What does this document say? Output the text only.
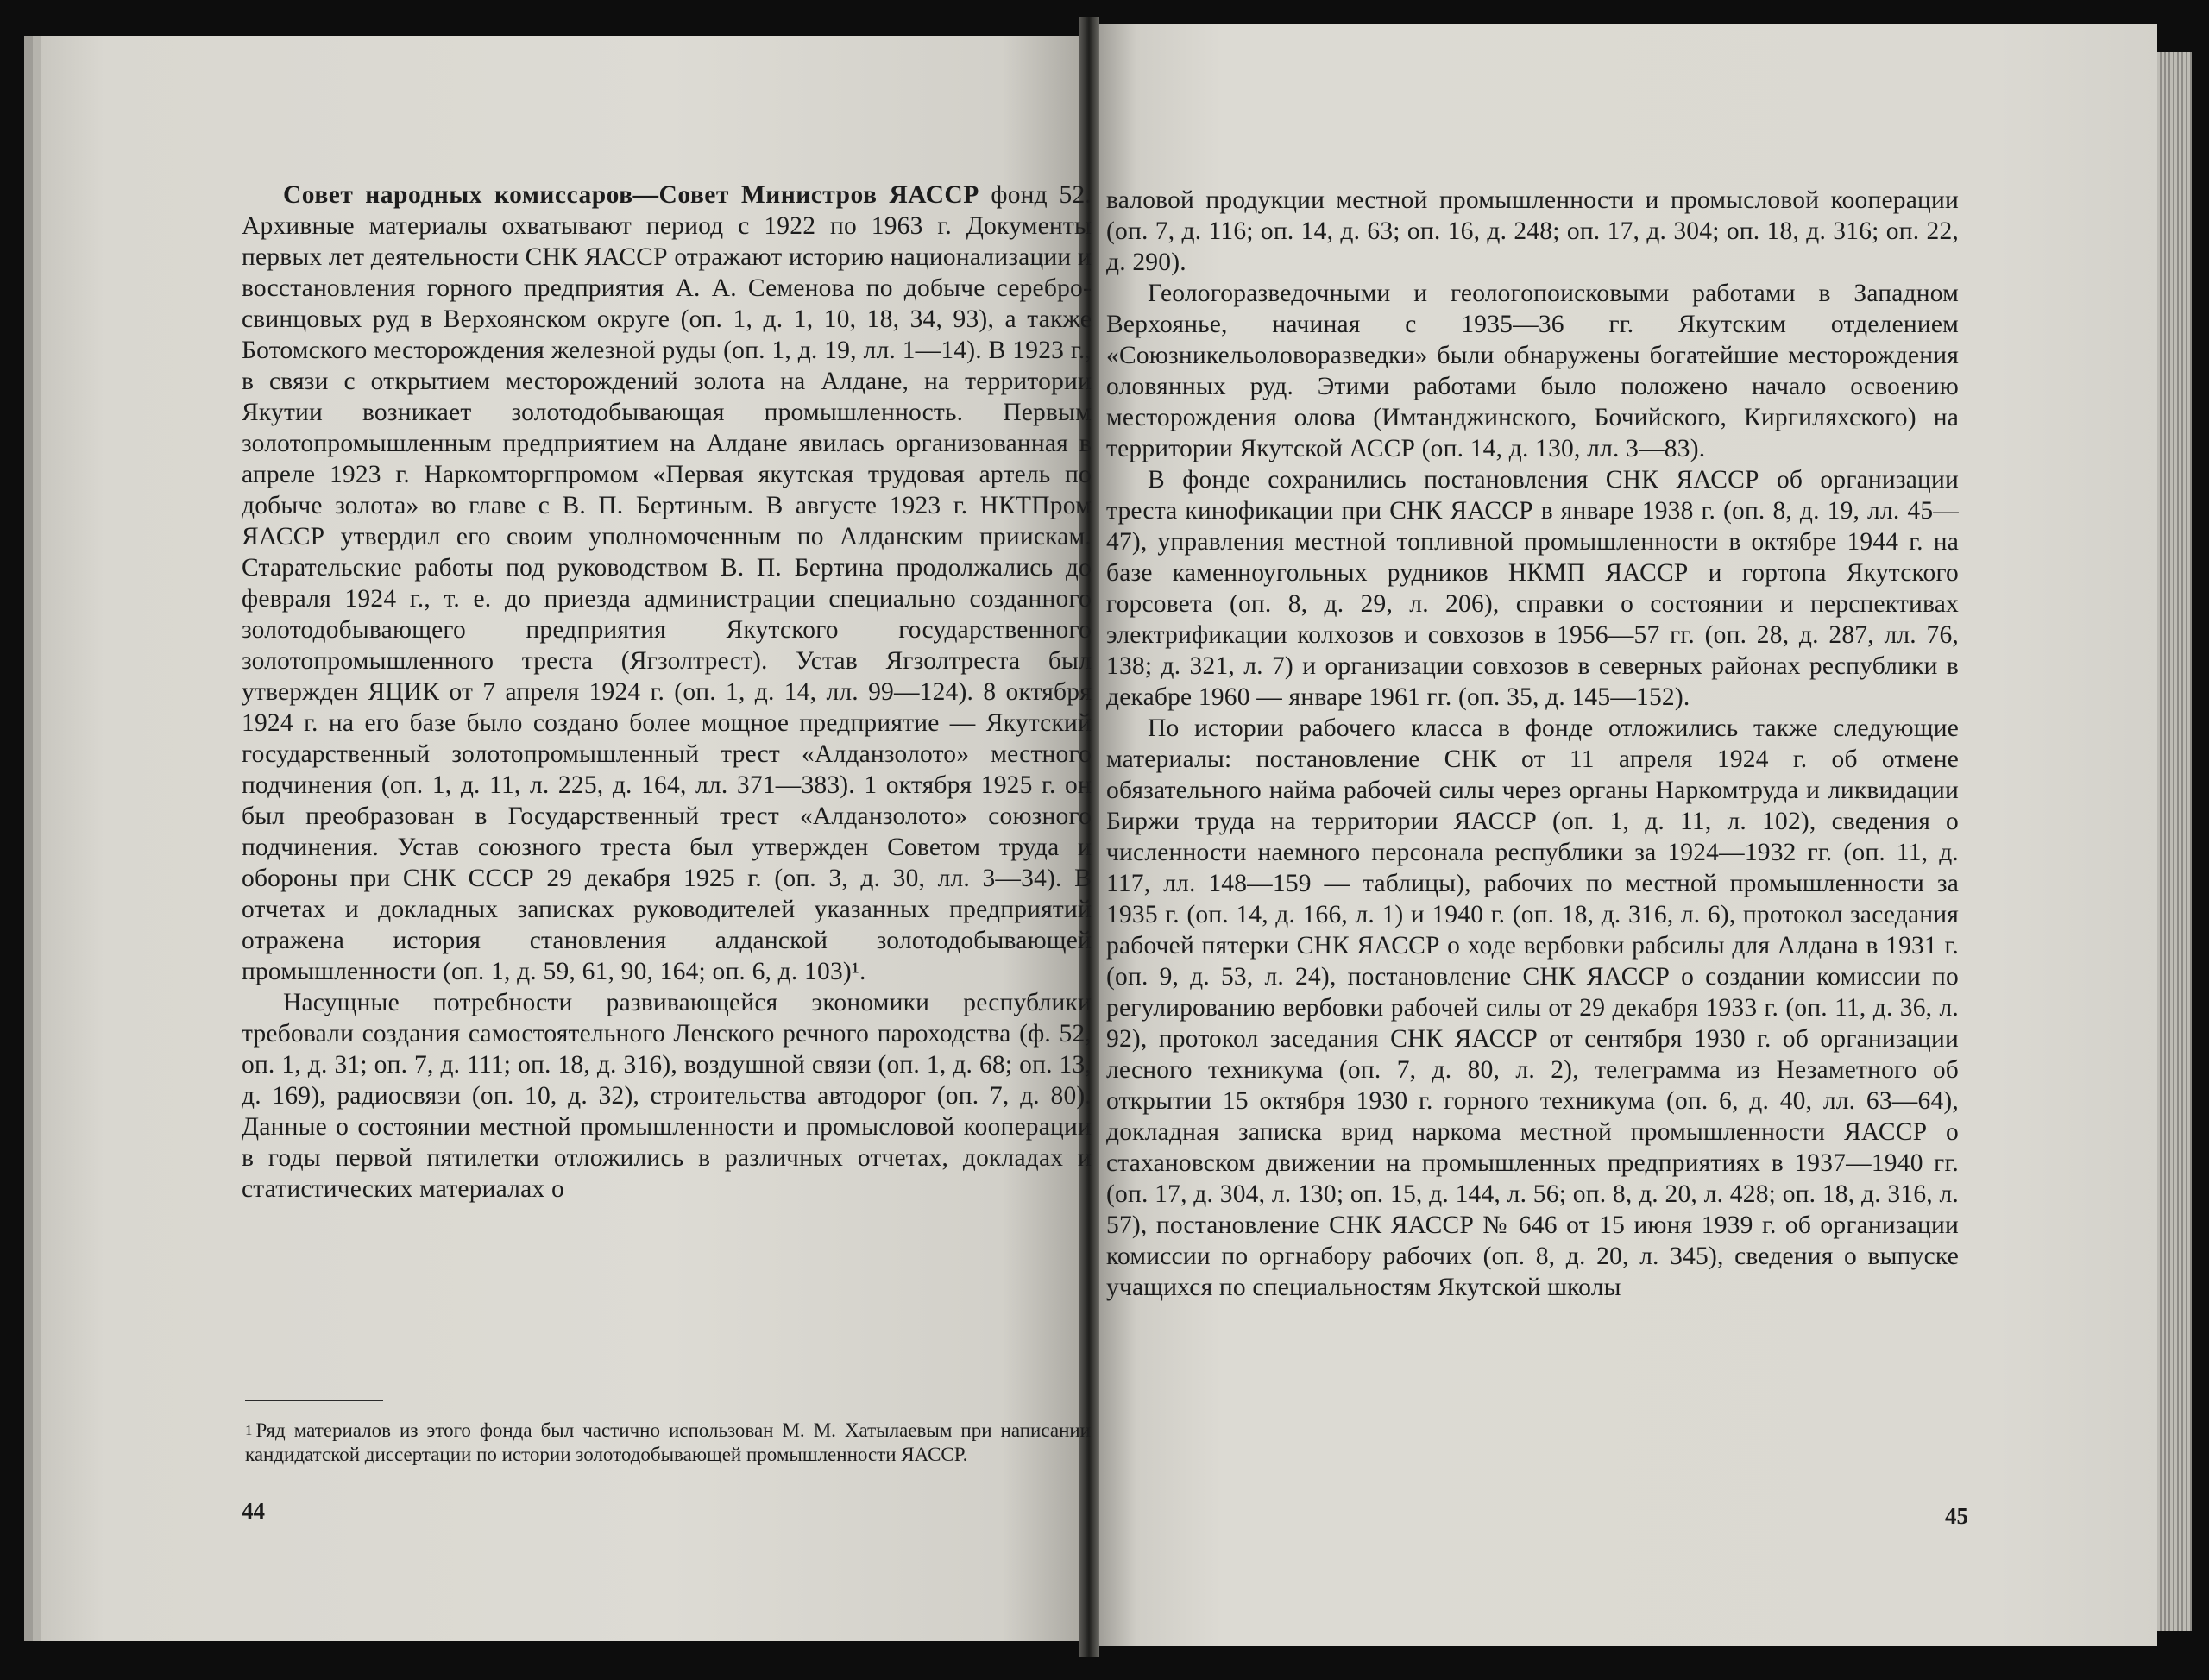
Совет народных комиссаров—Совет Министров ЯАССР фонд 52. Архивные материалы охватывают период с 1922 по 1963 г. Документы первых лет деятельности СНК ЯАССР отражают историю национализации и восстановления горного предприятия А. А. Семенова по добыче серебро-свинцовых руд в Верхоянском округе (оп. 1, д. 1, 10, 18, 34, 93), а также Ботомского месторождения железной руды (оп. 1, д. 19, лл. 1—14). В 1923 г., в связи с открытием месторождений золота на Алдане, на территории Якутии возникает золотодобывающая промышленность. Первым золотопромышленным предприятием на Алдане явилась организованная в апреле 1923 г. Наркомторгпромом «Первая якутская трудовая артель по добыче золота» во главе с В. П. Бертиным. В августе 1923 г. НКТПром ЯАССР утвердил его своим уполномоченным по Алданским приискам. Старательские работы под руководством В. П. Бертина продолжались до февраля 1924 г., т. е. до приезда администрации специально созданного золотодобывающего предприятия Якутского государственного золотопромышленного треста (Ягзолтрест). Устав Ягзолтреста был утвержден ЯЦИК от 7 апреля 1924 г. (оп. 1, д. 14, лл. 99—124). 8 октября 1924 г. на его базе было создано более мощное предприятие — Якутский государственный золотопромышленный трест «Алданзолото» местного подчинения (оп. 1, д. 11, л. 225, д. 164, лл. 371—383). 1 октября 1925 г. он был преобразован в Государственный трест «Алданзолото» союзного подчинения. Устав союзного треста был утвержден Советом труда и обороны при СНК СССР 29 декабря 1925 г. (оп. 3, д. 30, лл. 3—34). В отчетах и докладных записках руководителей указанных предприятий отражена история становления алданской золотодобывающей промышленности (оп. 1, д. 59, 61, 90, 164; оп. 6, д. 103)¹.

Насущные потребности развивающейся экономики республики требовали создания самостоятельного Ленского речного пароходства (ф. 52, оп. 1, д. 31; оп. 7, д. 111; оп. 18, д. 316), воздушной связи (оп. 1, д. 68; оп. 13, д. 169), радиосвязи (оп. 10, д. 32), строительства автодорог (оп. 7, д. 80). Данные о состоянии местной промышленности и промысловой кооперации в годы первой пятилетки отложились в различных отчетах, докладах и статистических материалах о

$^1$ Ряд материалов из этого фонда был частично использован М. М. Хатылаевым при написании кандидатской диссертации по истории золотодобывающей промышленности ЯАССР.
44

валовой продукции местной промышленности и промысловой кооперации (оп. 7, д. 116; оп. 14, д. 63; оп. 16, д. 248; оп. 17, д. 304; оп. 18, д. 316; оп. 22, д. 290).

Геологоразведочными и геологопоисковыми работами в Западном Верхоянье, начиная с 1935—36 гг. Якутским отделением «Союзникельоловоразведки» были обнаружены богатейшие месторождения оловянных руд. Этими работами было положено начало освоению месторождения олова (Имтанджинского, Бочийского, Киргиляхского) на территории Якутской АССР (оп. 14, д. 130, лл. 3—83).

В фонде сохранились постановления СНК ЯАССР об организации треста кинофикации при СНК ЯАССР в январе 1938 г. (оп. 8, д. 19, лл. 45—47), управления местной топливной промышленности в октябре 1944 г. на базе каменноугольных рудников НКМП ЯАССР и гортопа Якутского горсовета (оп. 8, д. 29, л. 206), справки о состоянии и перспективах электрификации колхозов и совхозов в 1956—57 гг. (оп. 28, д. 287, лл. 76, 138; д. 321, л. 7) и организации совхозов в северных районах республики в декабре 1960 — январе 1961 гг. (оп. 35, д. 145—152).

По истории рабочего класса в фонде отложились также следующие материалы: постановление СНК от 11 апреля 1924 г. об отмене обязательного найма рабочей силы через органы Наркомтруда и ликвидации Биржи труда на территории ЯАССР (оп. 1, д. 11, л. 102), сведения о численности наемного персонала республики за 1924—1932 гг. (оп. 11, д. 117, лл. 148—159 — таблицы), рабочих по местной промышленности за 1935 г. (оп. 14, д. 166, л. 1) и 1940 г. (оп. 18, д. 316, л. 6), протокол заседания рабочей пятерки СНК ЯАССР о ходе вербовки рабсилы для Алдана в 1931 г. (оп. 9, д. 53, л. 24), постановление СНК ЯАССР о создании комиссии по регулированию вербовки рабочей силы от 29 декабря 1933 г. (оп. 11, д. 36, л. 92), протокол заседания СНК ЯАССР от сентября 1930 г. об организации лесного техникума (оп. 7, д. 80, л. 2), телеграмма из Незаметного об открытии 15 октября 1930 г. горного техникума (оп. 6, д. 40, лл. 63—64), докладная записка врид наркома местной промышленности ЯАССР о стахановском движении на промышленных предприятиях в 1937—1940 гг. (оп. 17, д. 304, л. 130; оп. 15, д. 144, л. 56; оп. 8, д. 20, л. 428; оп. 18, д. 316, л. 57), постановление СНК ЯАССР № 646 от 15 июня 1939 г. об организации комиссии по оргнабору рабочих (оп. 8, д. 20, л. 345), сведения о выпуске учащихся по специальностям Якутской школы

45
